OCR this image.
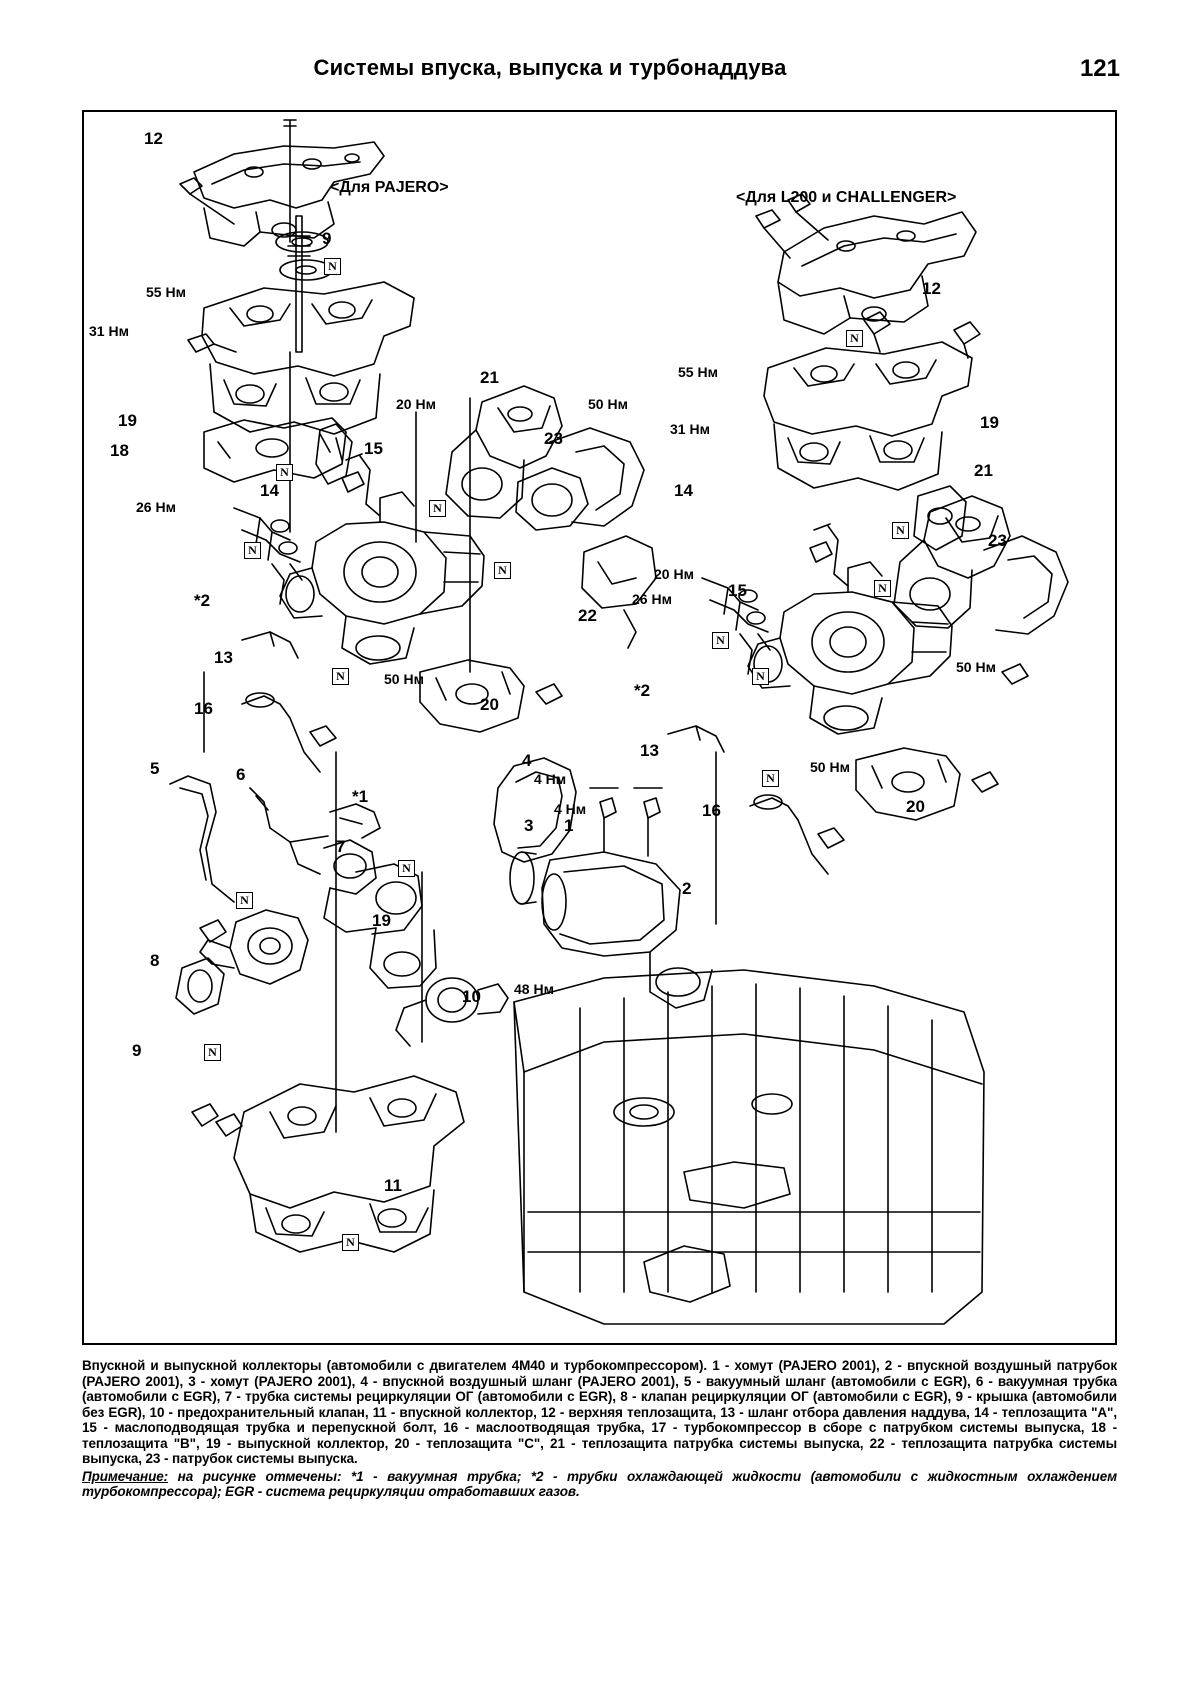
Системы впуска, выпуска и турбонаддува	121
<Для PAJERO>
<Для L200 и CHALLENGER>
12
9
55 Нм
31 Нм
19
18
20 Нм
21
50 Нм
23
15
14
26 Нм
*2
13
22
50 Нм
20
16
12
55 Нм
31 Нм	19
21
14
23
20 Нм
15
26 Нм
50 Нм
*2
13
50 Нм
20
16
5	6
*1
7
8
9
19
4 Нм
4 Нм
3 1
4
2
10 48 Нм
11
N
N
N
N
N
N
N
N
N
N
N
N
N
N
N
N

Впускной и выпускной коллекторы (автомобили с двигателем 4М40 и турбокомпрессором). 1 - хомут (PAJERO 2001), 2 - впускной воздушный патрубок (PAJERO 2001), 3 - хомут (PAJERO 2001), 4 - впускной воздушный шланг (PAJERO 2001), 5 - вакуумный шланг (автомобили с EGR), 6 - вакуумная трубка (автомобили с EGR), 7 - трубка системы рециркуляции ОГ (автомобили с EGR), 8 - клапан рециркуляции ОГ (автомобили с EGR), 9 - крышка (автомобили без EGR), 10 - предохранительный клапан, 11 - впускной коллектор, 12 - верхняя теплозащита, 13 - шланг отбора давления наддува, 14 - теплозащита "A", 15 - маслоподводящая трубка и перепускной болт, 16 - маслоотводящая трубка, 17 - турбокомпрессор в сборе с патрубком системы выпуска, 18 - теплозащита "B", 19 - выпускной коллектор, 20 - теплозащита "C", 21 - теплозащита патрубка системы выпуска, 22 - теплозащита патрубка системы выпуска, 23 - патрубок системы выпуска.

Примечание: на рисунке отмечены: *1 - вакуумная трубка; *2 - трубки охлаждающей жидкости (автомобили с жидкостным охлаждением турбокомпрессора); EGR - система рециркуляции отработавших газов.
